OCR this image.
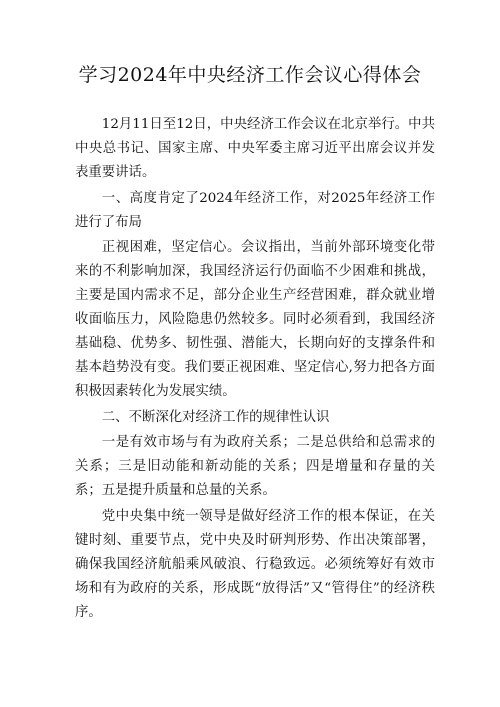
学习2024年中央经济工作会议心得体会

12月11日至12日，中央经济工作会议在北京举行。中共中央总书记、国家主席、中央军委主席习近平出席会议并发表重要讲话。

一、高度肯定了2024年经济工作，对2025年经济工作进行了布局

正视困难，坚定信心。会议指出，当前外部环境变化带来的不利影响加深，我国经济运行仍面临不少困难和挑战，主要是国内需求不足，部分企业生产经营困难，群众就业增收面临压力，风险隐患仍然较多。同时必须看到，我国经济基础稳、优势多、韧性强、潜能大，长期向好的支撑条件和基本趋势没有变。我们要正视困难、坚定信心,努力把各方面积极因素转化为发展实绩。

二、不断深化对经济工作的规律性认识

一是有效市场与有为政府关系；二是总供给和总需求的关系；三是旧动能和新动能的关系；四是增量和存量的关系；五是提升质量和总量的关系。

党中央集中统一领导是做好经济工作的根本保证，在关键时刻、重要节点，党中央及时研判形势、作出决策部署，确保我国经济航船乘风破浪、行稳致远。必须统筹好有效市场和有为政府的关系，形成既“放得活”又“管得住”的经济秩序。
